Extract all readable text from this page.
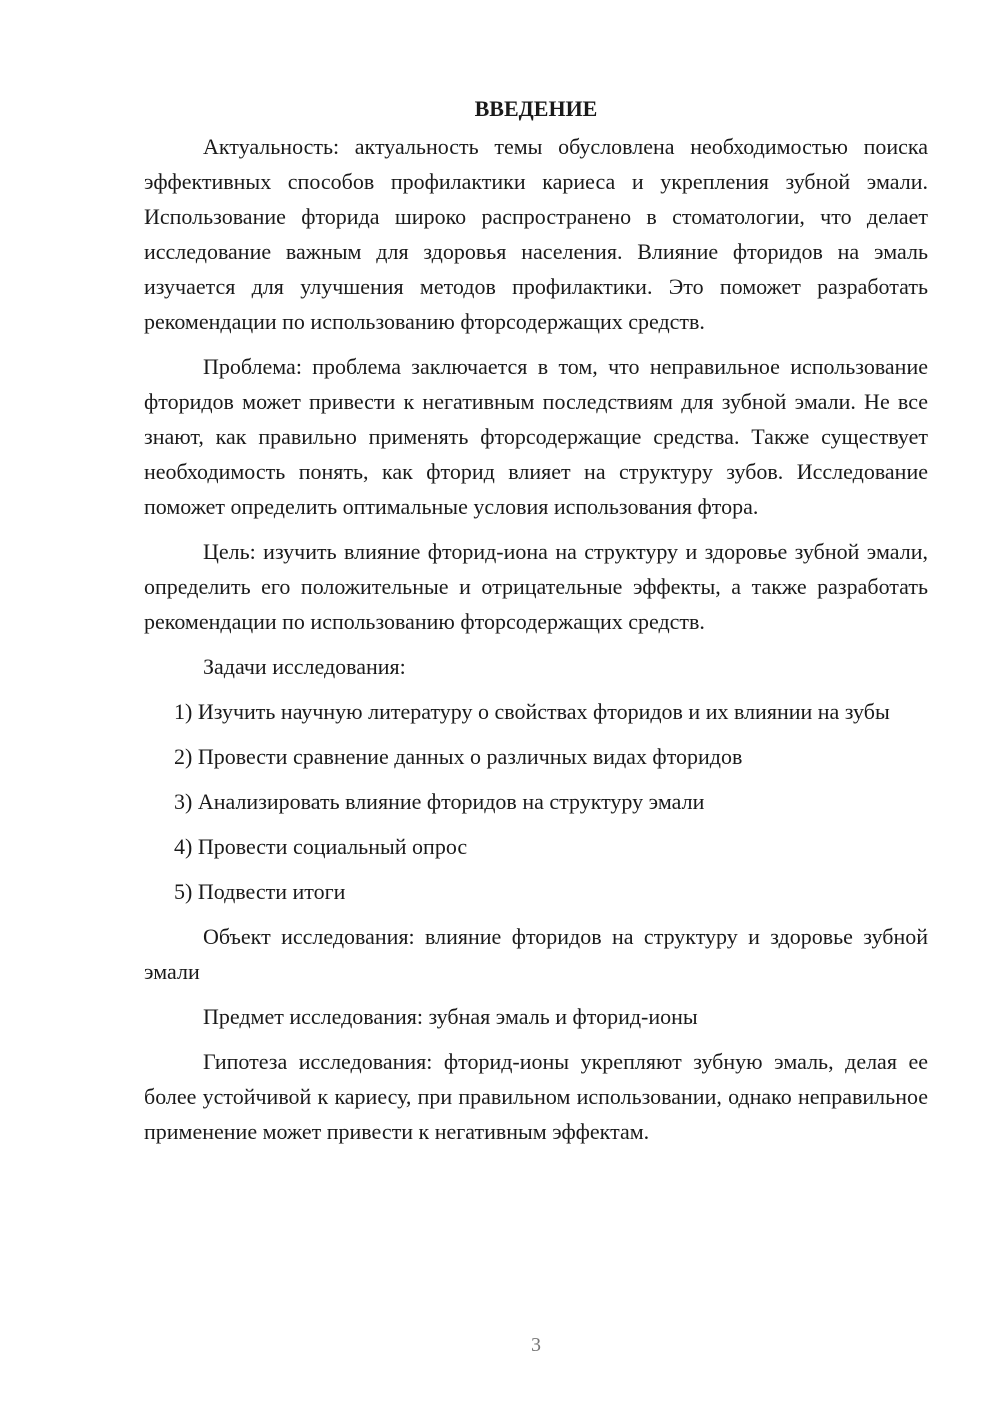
ВВЕДЕНИЕ

Актуальность: актуальность темы обусловлена необходимостью поиска эффективных способов профилактики кариеса и укрепления зубной эмали. Использование фторида широко распространено в стоматологии, что делает исследование важным для здоровья населения. Влияние фторидов на эмаль изучается для улучшения методов профилактики. Это поможет разработать рекомендации по использованию фторсодержащих средств.

Проблема: проблема заключается в том, что неправильное использование фторидов может привести к негативным последствиям для зубной эмали. Не все знают, как правильно применять фторсодержащие средства. Также существует необходимость понять, как фторид влияет на структуру зубов. Исследование поможет определить оптимальные условия использования фтора.

Цель: изучить влияние фторид-иона на структуру и здоровье зубной эмали, определить его положительные и отрицательные эффекты, а также разработать рекомендации по использованию фторсодержащих средств.

Задачи исследования:

1) Изучить научную литературу о свойствах фторидов и их влиянии на зубы

2) Провести сравнение данных о различных видах фторидов

3) Анализировать влияние фторидов на структуру эмали

4) Провести социальный опрос

5) Подвести итоги

Объект исследования: влияние фторидов на структуру и здоровье зубной эмали

Предмет исследования: зубная эмаль и фторид-ионы

Гипотеза исследования: фторид-ионы укрепляют зубную эмаль, делая ее более устойчивой к кариесу, при правильном использовании, однако неправильное применение может привести к негативным эффектам.

3
